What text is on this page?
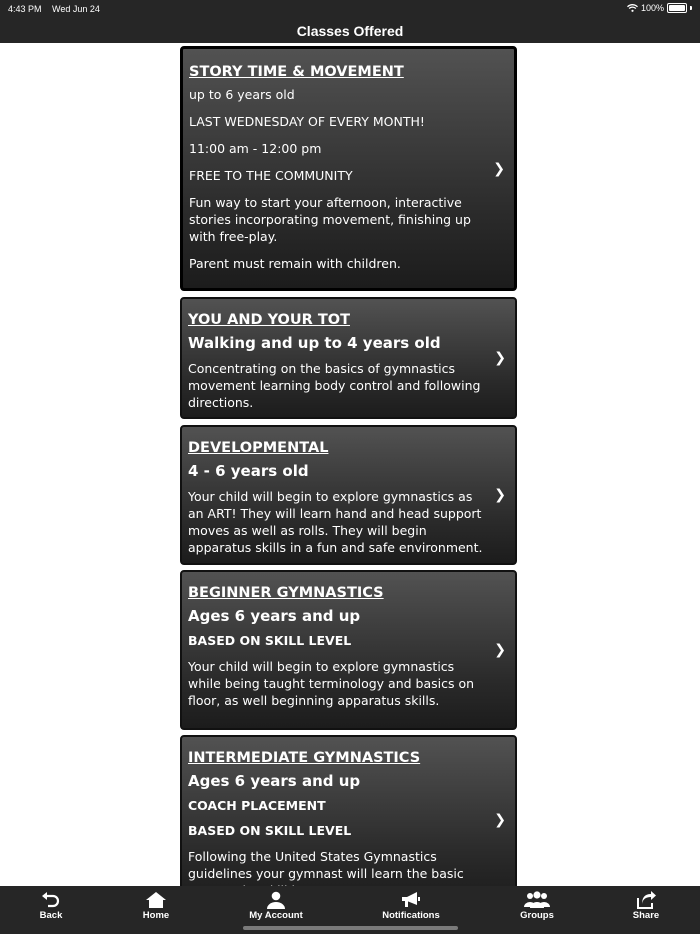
4:43 PM Wed Jun 24	100%
Classes Offered
STORY TIME & MOVEMENT
up to 6 years old
LAST WEDNESDAY OF EVERY MONTH!
11:00 am - 12:00 pm
FREE TO THE COMMUNITY
Fun way to start your afternoon, interactive stories incorporating movement, finishing up with free-play.
Parent must remain with children.
❯
YOU AND YOUR TOT
Walking and up to 4 years old
Concentrating on the basics of gymnastics movement learning body control and following directions.
❯
DEVELOPMENTAL
4 - 6 years old
Your child will begin to explore gymnastics as an ART! They will learn hand and head support moves as well as rolls. They will begin apparatus skills in a fun and safe environment.
❯
BEGINNER GYMNASTICS
Ages 6 years and up
BASED ON SKILL LEVEL
Your child will begin to explore gymnastics while being taught terminology and basics on floor, as well beginning apparatus skills.
❯
INTERMEDIATE GYMNASTICS
Ages 6 years and up
COACH PLACEMENT
BASED ON SKILL LEVEL
Following the United States Gymnastics guidelines your gymnast will learn the basic
❯
Back	Home	My Account	Notifications	Groups	Share
